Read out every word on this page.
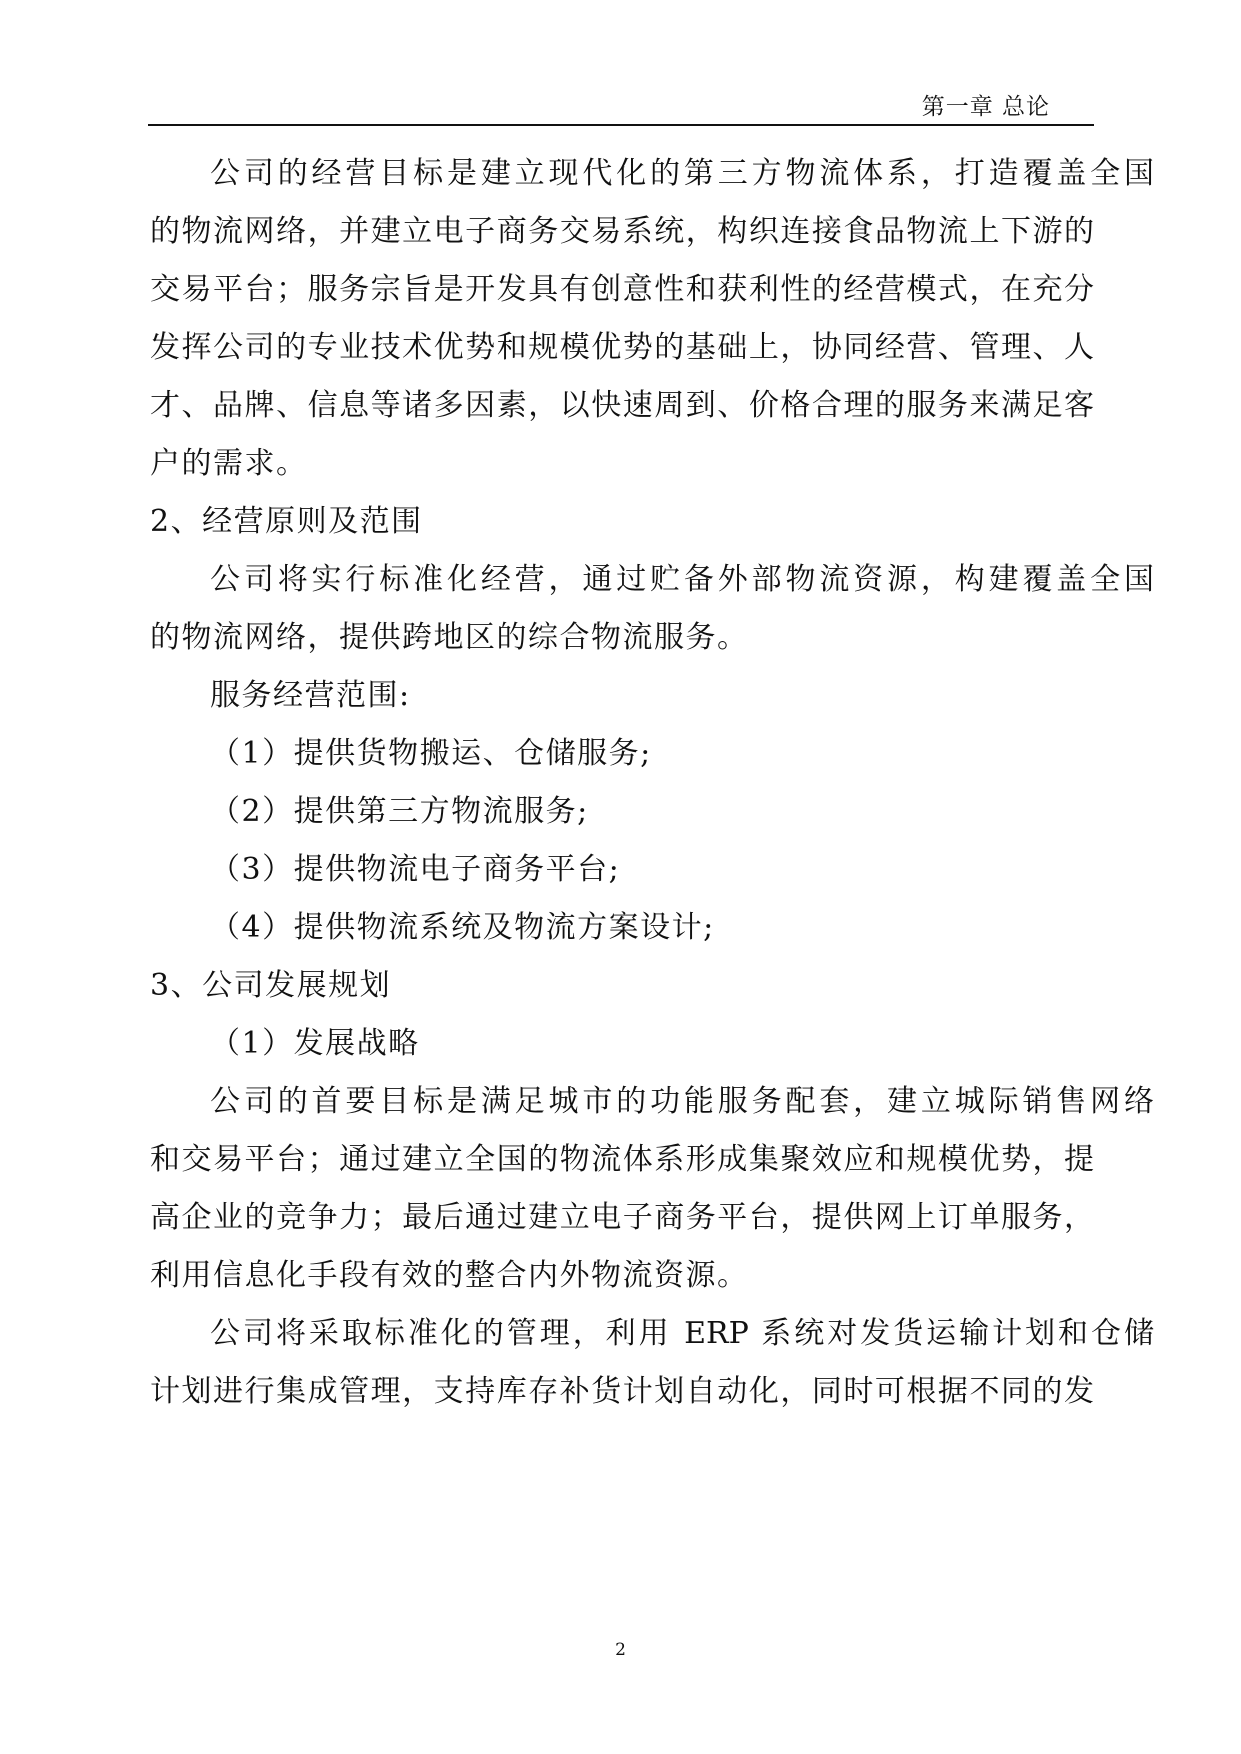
第一章 总论
公司的经营目标是建立现代化的第三方物流体系，打造覆盖全国
的物流网络，并建立电子商务交易系统，构织连接食品物流上下游的
交易平台；服务宗旨是开发具有创意性和获利性的经营模式，在充分
发挥公司的专业技术优势和规模优势的基础上，协同经营、管理、人
才、品牌、信息等诸多因素，以快速周到、价格合理的服务来满足客
户的需求。
2、经营原则及范围
公司将实行标准化经营，通过贮备外部物流资源，构建覆盖全国
的物流网络，提供跨地区的综合物流服务。
服务经营范围:
（1）提供货物搬运、仓储服务;
（2）提供第三方物流服务;
（3）提供物流电子商务平台;
（4）提供物流系统及物流方案设计;
3、公司发展规划
（1）发展战略
公司的首要目标是满足城市的功能服务配套，建立城际销售网络
和交易平台；通过建立全国的物流体系形成集聚效应和规模优势，提
高企业的竞争力；最后通过建立电子商务平台，提供网上订单服务，
利用信息化手段有效的整合内外物流资源。
公司将采取标准化的管理，利用 ERP 系统对发货运输计划和仓储
计划进行集成管理，支持库存补货计划自动化，同时可根据不同的发
2
